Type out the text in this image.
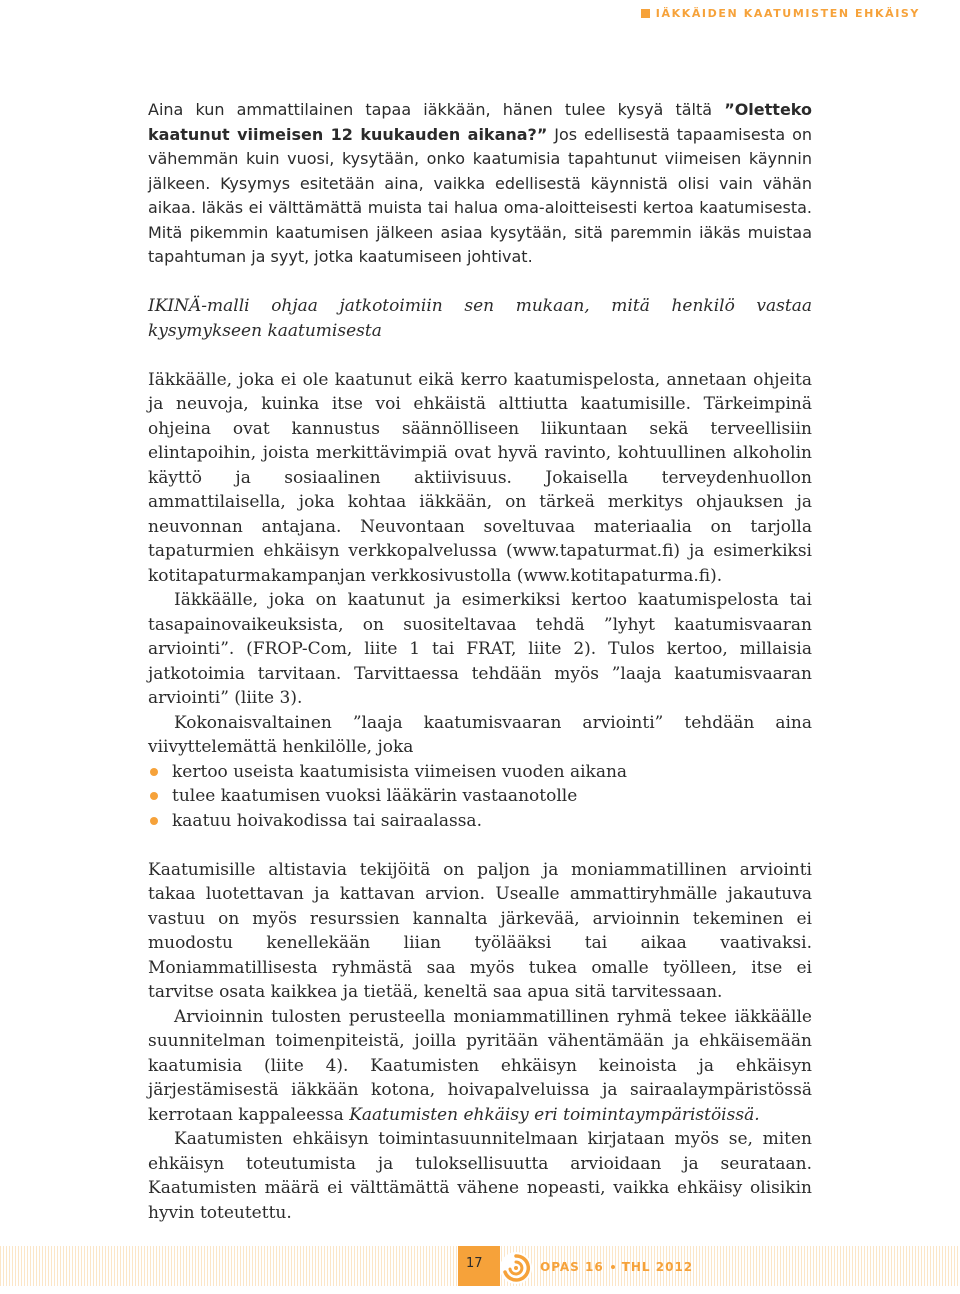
IÄKKÄIDEN KAATUMISTEN EHKÄISY

Aina kun ammattilainen tapaa iäkkään, hänen tulee kysyä tältä ”Oletteko kaatunut viimeisen 12 kuukauden aikana?” Jos edellisestä tapaamisesta on vähemmän kuin vuosi, kysytään, onko kaatumisia tapahtunut viimeisen käynnin jälkeen. Kysymys esitetään aina, vaikka edellisestä käynnistä olisi vain vähän aikaa. Iäkäs ei välttämättä muista tai halua oma-aloitteisesti kertoa kaatumisesta. Mitä pikemmin kaatumisen jälkeen asiaa kysytään, sitä paremmin iäkäs muistaa tapahtuman ja syyt, jotka kaatumiseen johtivat.

IKINÄ-malli ohjaa jatkotoimiin sen mukaan, mitä henkilö vastaa kysymykseen kaatumisesta

Iäkkäälle, joka ei ole kaatunut eikä kerro kaatumispelosta, annetaan ohjeita ja neuvoja, kuinka itse voi ehkäistä alttiutta kaatumisille. Tärkeimpinä ohjeina ovat kannustus säännölliseen liikuntaan sekä terveellisiin elintapoihin, joista merkittävimpiä ovat hyvä ravinto, kohtuullinen alkoholin käyttö ja sosiaalinen aktiivisuus. Jokaisella terveydenhuollon ammattilaisella, joka kohtaa iäkkään, on tärkeä merkitys ohjauksen ja neuvonnan antajana. Neuvontaan soveltuvaa materiaalia on tarjolla tapaturmien ehkäisyn verkkopalvelussa (www.tapaturmat.fi) ja esimerkiksi kotitapaturmakampanjan verkkosivustolla (www.kotitapaturma.fi).

Iäkkäälle, joka on kaatunut ja esimerkiksi kertoo kaatumispelosta tai tasapainovaikeuksista, on suositeltavaa tehdä ”lyhyt kaatumisvaaran arviointi”. (FROP-Com, liite 1 tai FRAT, liite 2). Tulos kertoo, millaisia jatkotoimia tarvitaan. Tarvittaessa tehdään myös ”laaja kaatumisvaaran arviointi” (liite 3).

Kokonaisvaltainen ”laaja kaatumisvaaran arviointi” tehdään aina viivyttelemättä henkilölle, joka

kertoo useista kaatumisista viimeisen vuoden aikana
tulee kaatumisen vuoksi lääkärin vastaanotolle
kaatuu hoivakodissa tai sairaalassa.

Kaatumisille altistavia tekijöitä on paljon ja moniammatillinen arviointi takaa luotettavan ja kattavan arvion. Usealle ammattiryhmälle jakautuva vastuu on myös resurssien kannalta järkevää, arvioinnin tekeminen ei muodostu kenellekään liian työlääksi tai aikaa vaativaksi. Moniammatillisesta ryhmästä saa myös tukea omalle työlleen, itse ei tarvitse osata kaikkea ja tietää, keneltä saa apua sitä tarvitessaan.

Arvioinnin tulosten perusteella moniammatillinen ryhmä tekee iäkkäälle suunnitelman toimenpiteistä, joilla pyritään vähentämään ja ehkäisemään kaatumisia (liite 4). Kaatumisten ehkäisyn keinoista ja ehkäisyn järjestämisestä iäkkään kotona, hoivapalveluissa ja sairaalaympäristössä kerrotaan kappaleessa Kaatumisten ehkäisy eri toimintaympäristöissä.

Kaatumisten ehkäisyn toimintasuunnitelmaan kirjataan myös se, miten ehkäisyn toteutumista ja tuloksellisuutta arvioidaan ja seurataan. Kaatumisten määrä ei välttämättä vähene nopeasti, vaikka ehkäisy olisikin hyvin toteutettu.

17	OPAS 16 THL 2012
